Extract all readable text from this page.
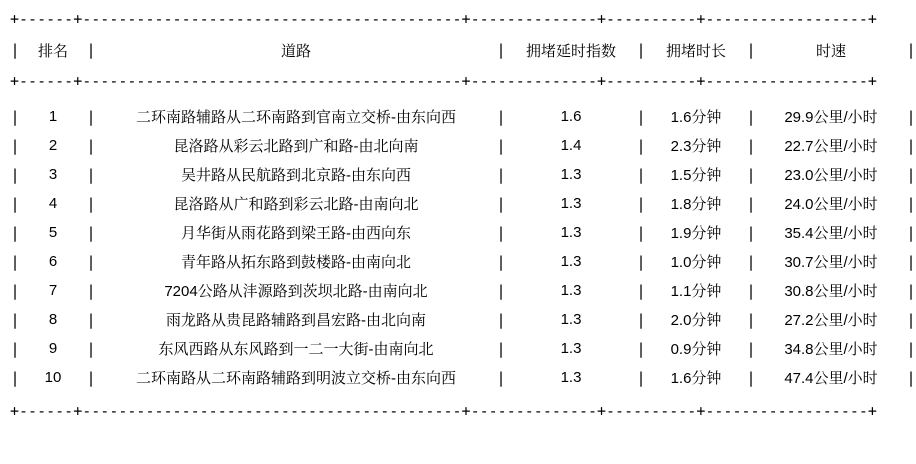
+------+------------------------------------------+--------------+----------+------------------+										

|	排名	|	道路	|	拥堵延时指数	|	拥堵时长	|	时速	|

+------+------------------------------------------+--------------+----------+------------------+										

|	1	|	二环南路辅路从二环南路到官南立交桥-由东向西	|	1.6	|	1.6分钟	|	29.9公里/小时	|
|	2	|	昆洛路从彩云北路到广和路-由北向南	|	1.4	|	2.3分钟	|	22.7公里/小时	|
|	3	|	吴井路从民航路到北京路-由东向西	|	1.3	|	1.5分钟	|	23.0公里/小时	|
|	4	|	昆洛路从广和路到彩云北路-由南向北	|	1.3	|	1.8分钟	|	24.0公里/小时	|
|	5	|	月华街从雨花路到梁王路-由西向东	|	1.3	|	1.9分钟	|	35.4公里/小时	|
|	6	|	青年路从拓东路到鼓楼路-由南向北	|	1.3	|	1.0分钟	|	30.7公里/小时	|
|	7	|	7204公路从沣源路到茨坝北路-由南向北	|	1.3	|	1.1分钟	|	30.8公里/小时	|
|	8	|	雨龙路从贵昆路辅路到昌宏路-由北向南	|	1.3	|	2.0分钟	|	27.2公里/小时	|
|	9	|	东风西路从东风路到一二一大街-由南向北	|	1.3	|	0.9分钟	|	34.8公里/小时	|
|	10	|	二环南路从二环南路辅路到明波立交桥-由东向西	|	1.3	|	1.6分钟	|	47.4公里/小时	|

+------+------------------------------------------+--------------+----------+------------------+										
